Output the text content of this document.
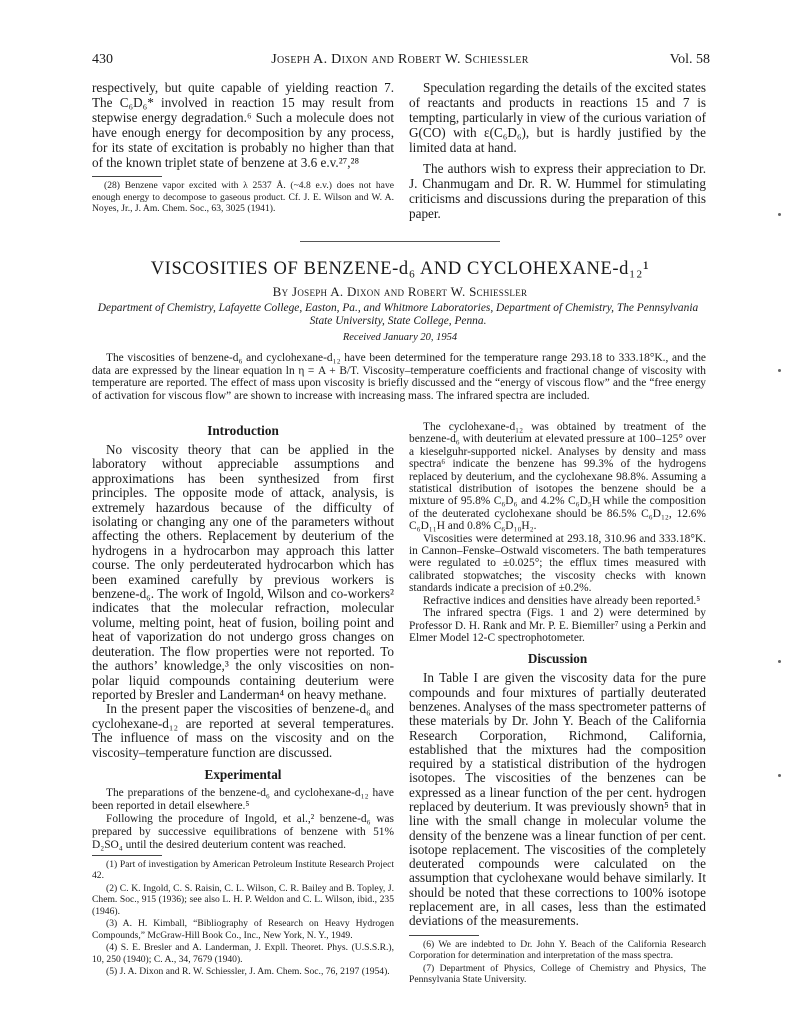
430	Joseph A. Dixon and Robert W. Schiessler	Vol. 58

respectively, but quite capable of yielding reaction 7. The C₆D₆* involved in reaction 15 may result from stepwise energy degradation.⁶ Such a molecule does not have enough energy for decomposition by any process, for its state of excitation is probably no higher than that of the known triplet state of benzene at 3.6 e.v.²⁷,²⁸

(28) Benzene vapor excited with λ 2537 Å. (~4.8 e.v.) does not have enough energy to decompose to gaseous product. Cf. J. E. Wilson and W. A. Noyes, Jr., J. Am. Chem. Soc., 63, 3025 (1941).

Speculation regarding the details of the excited states of reactants and products in reactions 15 and 7 is tempting, particularly in view of the curious variation of G(CO) with ε(C₆D₆), but is hardly justified by the limited data at hand.

The authors wish to express their appreciation to Dr. J. Chanmugam and Dr. R. W. Hummel for stimulating criticisms and discussions during the preparation of this paper.

VISCOSITIES OF BENZENE-d₆ AND CYCLOHEXANE-d₁₂¹
By Joseph A. Dixon and Robert W. Schiessler
Department of Chemistry, Lafayette College, Easton, Pa., and Whitmore Laboratories, Department of Chemistry, The Pennsylvania State University, State College, Penna.
Received January 20, 1954
The viscosities of benzene-d₆ and cyclohexane-d₁₂ have been determined for the temperature range 293.18 to 333.18°K., and the data are expressed by the linear equation ln η = A + B/T. Viscosity–temperature coefficients and fractional change of viscosity with temperature are reported. The effect of mass upon viscosity is briefly discussed and the “energy of viscous flow” and the “free energy of activation for viscous flow” are shown to increase with increasing mass. The infrared spectra are included.
Introduction

No viscosity theory that can be applied in the laboratory without appreciable assumptions and approximations has been synthesized from first principles. The opposite mode of attack, analysis, is extremely hazardous because of the difficulty of isolating or changing any one of the parameters without affecting the others. Replacement by deuterium of the hydrogens in a hydrocarbon may approach this latter course. The only perdeuterated hydrocarbon which has been examined carefully by previous workers is benzene-d₆. The work of Ingold, Wilson and co-workers² indicates that the molecular refraction, molecular volume, melting point, heat of fusion, boiling point and heat of vaporization do not undergo gross changes on deuteration. The flow properties were not reported. To the authors’ knowledge,³ the only viscosities on non-polar liquid compounds containing deuterium were reported by Bresler and Landerman⁴ on heavy methane.

In the present paper the viscosities of benzene-d₆ and cyclohexane-d₁₂ are reported at several temperatures. The influence of mass on the viscosity and on the viscosity–temperature function are discussed.

Experimental

The preparations of the benzene-d₆ and cyclohexane-d₁₂ have been reported in detail elsewhere.⁵

Following the procedure of Ingold, et al.,² benzene-d₆ was prepared by successive equilibrations of benzene with 51% D₂SO₄ until the desired deuterium content was reached.

(1) Part of investigation by American Petroleum Institute Research Project 42.

(2) C. K. Ingold, C. S. Raisin, C. L. Wilson, C. R. Bailey and B. Topley, J. Chem. Soc., 915 (1936); see also L. H. P. Weldon and C. L. Wilson, ibid., 235 (1946).

(3) A. H. Kimball, “Bibliography of Research on Heavy Hydrogen Compounds,” McGraw-Hill Book Co., Inc., New York, N. Y., 1949.

(4) S. E. Bresler and A. Landerman, J. Expll. Theoret. Phys. (U.S.S.R.), 10, 250 (1940); C. A., 34, 7679 (1940).

(5) J. A. Dixon and R. W. Schiessler, J. Am. Chem. Soc., 76, 2197 (1954).

The cyclohexane-d₁₂ was obtained by treatment of the benzene-d₆ with deuterium at elevated pressure at 100–125° over a kieselguhr-supported nickel. Analyses by density and mass spectra⁶ indicate the benzene has 99.3% of the hydrogens replaced by deuterium, and the cyclohexane 98.8%. Assuming a statistical distribution of isotopes the benzene should be a mixture of 95.8% C₆D₆ and 4.2% C₆D₅H while the composition of the deuterated cyclohexane should be 86.5% C₆D₁₂, 12.6% C₆D₁₁H and 0.8% C₆D₁₀H₂.

Viscosities were determined at 293.18, 310.96 and 333.18°K. in Cannon–Fenske–Ostwald viscometers. The bath temperatures were regulated to ±0.025°; the efflux times measured with calibrated stopwatches; the viscosity checks with known standards indicate a precision of ±0.2%.

Refractive indices and densities have already been reported.⁵

The infrared spectra (Figs. 1 and 2) were determined by Professor D. H. Rank and Mr. P. E. Biemiller⁷ using a Perkin and Elmer Model 12-C spectrophotometer.

Discussion

In Table I are given the viscosity data for the pure compounds and four mixtures of partially deuterated benzenes. Analyses of the mass spectrometer patterns of these materials by Dr. John Y. Beach of the California Research Corporation, Richmond, California, established that the mixtures had the composition required by a statistical distribution of the hydrogen isotopes. The viscosities of the benzenes can be expressed as a linear function of the per cent. hydrogen replaced by deuterium. It was previously shown⁵ that in line with the small change in molecular volume the density of the benzene was a linear function of per cent. isotope replacement. The viscosities of the completely deuterated compounds were calculated on the assumption that cyclohexane would behave similarly. It should be noted that these corrections to 100% isotope replacement are, in all cases, less than the estimated deviations of the measurements.

(6) We are indebted to Dr. John Y. Beach of the California Research Corporation for determination and interpretation of the mass spectra.

(7) Department of Physics, College of Chemistry and Physics, The Pennsylvania State University.
